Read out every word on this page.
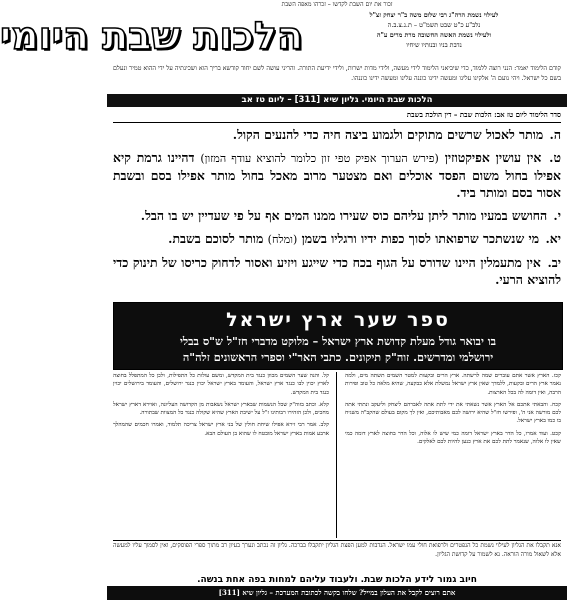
זכור את יום השבת לקדשו – זכרהו מאפה השבת
הלכות שבת היומי	לעילוי נשמת הרה"ג רבי שלום משה ב"ר יצחק זצ"ל
נלב"ע כ"ט שבט תשמ"ט – ת.נ.צ.ב.ה
ולעילוי נשמת האשה החשובה מרת מרים ע"ה
נדבת בניו ובנותיו שיחיו
קודם הלימוד יאמר: הנני רוצה ללמוד, כדי שיביאני הלימוד לידי מעשה, ולידי מדות ישרות, ולידי ידיעת התורה. והריני עושה לשם יחוד קודשא בריך הוא ושכינתיה על ידי ההוא טמיר ונעלם בשם כל ישראל. ויהי נועם ה' אלקינו עלינו ומעשה ידינו כוננה עלינו ומעשה ידינו כוננהו.
הלכות שבת היומי. גליון שיא [311] – ליום טז אב
סדר הלימוד ליום טז אב: הלכות שבת – דין הולכת בשבת
ה. מותר לאכול שרשים מתוקים ולגמוע ביצה חיה כדי להנעים הקול.
ט. אין עושין אפיקטוזין (פירש הערוך אפיק טפי זון כלומר להוציא עודף המזון) דהיינו גרמת קיא אפילו בחול משום הפסד אוכלים ואם מצטער מרוב מאכל בחול מותר אפילו בסם ובשבת אסור בסם ומותר ביד.
י. החושש במעיו מותר ליתן עליהם כוס שעירו ממנו המים אף על פי שעדיין יש בו הבל.
יא. מי שנשתכר שרפואתו לסוך כפות ידיו ורגליו בשמן (ומלח) מותר לסוכם בשבת.
יב. אין מתעמלין היינו שדורס על הגוף בכח כדי שייגע ויזיע ואסור לדחוק כריסו של תינוק כדי להוציא הרעי.
ספר שער ארץ ישראל
בו יבואר גודל מעלת קדושת ארץ ישראל – מלוקט מדברי חז"ל ש"ס בבלי
ירושלמי ומדרשים. זוה"ק תיקונים. כתבי האר"י וספרי הראשונים זלה"ה

קכז. הארץ אשר אתם עוברים שמה לרשתה. ארץ הרים ובקעות למטר השמים תשתה מים, ולמה נאמר ארץ הרים ובקעות, ללמדך שאין ארץ ישראל נמשלת אלא כבקעה, שהיא מלאה כל טוב ופירות הרבה, ואין דומה לה בכל הארצות.

קכח. והבאתי אתכם אל הארץ אשר נשאתי את ידי לתת אתה לאברהם ליצחק וליעקב ונתתי אתה לכם מורשה אני ה', ופירשו חז"ל שהיא ירושה לכם מאבותיכם, ואין לך מקום בעולם שהקב"ה משגיח בו כמו בארץ ישראל.

קכט. ועוד אמרו, כל הדר בארץ ישראל דומה כמי שיש לו אלוה, וכל הדר בחוצה לארץ דומה כמי שאין לו אלוה, שנאמר לתת לכם את ארץ כנען להיות לכם לאלקים.

קל. והנה שער השמים מכוון כנגד בית המקדש, ומשם עולות כל התפילות, ולכן כל המתפלל בחוצה לארץ יכוין לבו כנגד ארץ ישראל, והעומד בארץ ישראל יכוין כנגד ירושלים, והעומד בירושלים יכוין כנגד בית המקדש.

קלא. וכתב בזוה"ק שכל הנשמות שבארץ ישראל נשאבות מן הקדושה העליונה, ואוירא דארץ ישראל מחכים, ולכן הזהירו רבותינו ז"ל על ישיבת הארץ שהיא שקולה כנגד כל המצוות שבתורה.

קלב. אמר רבי זירא אפילו שיחת חולין של בני ארץ ישראל צריכה תלמוד, ואמרו חכמים שהמהלך ארבע אמות בארץ ישראל מובטח לו שהוא בן העולם הבא.

אנא תקבלו את הגליון לעילוי נשמת כל הנפטרים ולרפואת חולי עמו ישראל. הנדבות למען הפצת הגליון יתקבלו בברכה. גליון זה נכתב ונערך בעיון רב מתוך ספרי הפוסקים, ואין לסמוך עליו למעשה אלא לשאול מורה הוראה. נא לשמור על קדושת הגליון.
חיוב גמור לידע הלכות שבת. ולעבוד עליהם למחות בפה אחת בנשה.
אתם רוצים לקבל את העלון במייל? שלחו בקשה לכתובת המערכת – גליון שיא [311]
